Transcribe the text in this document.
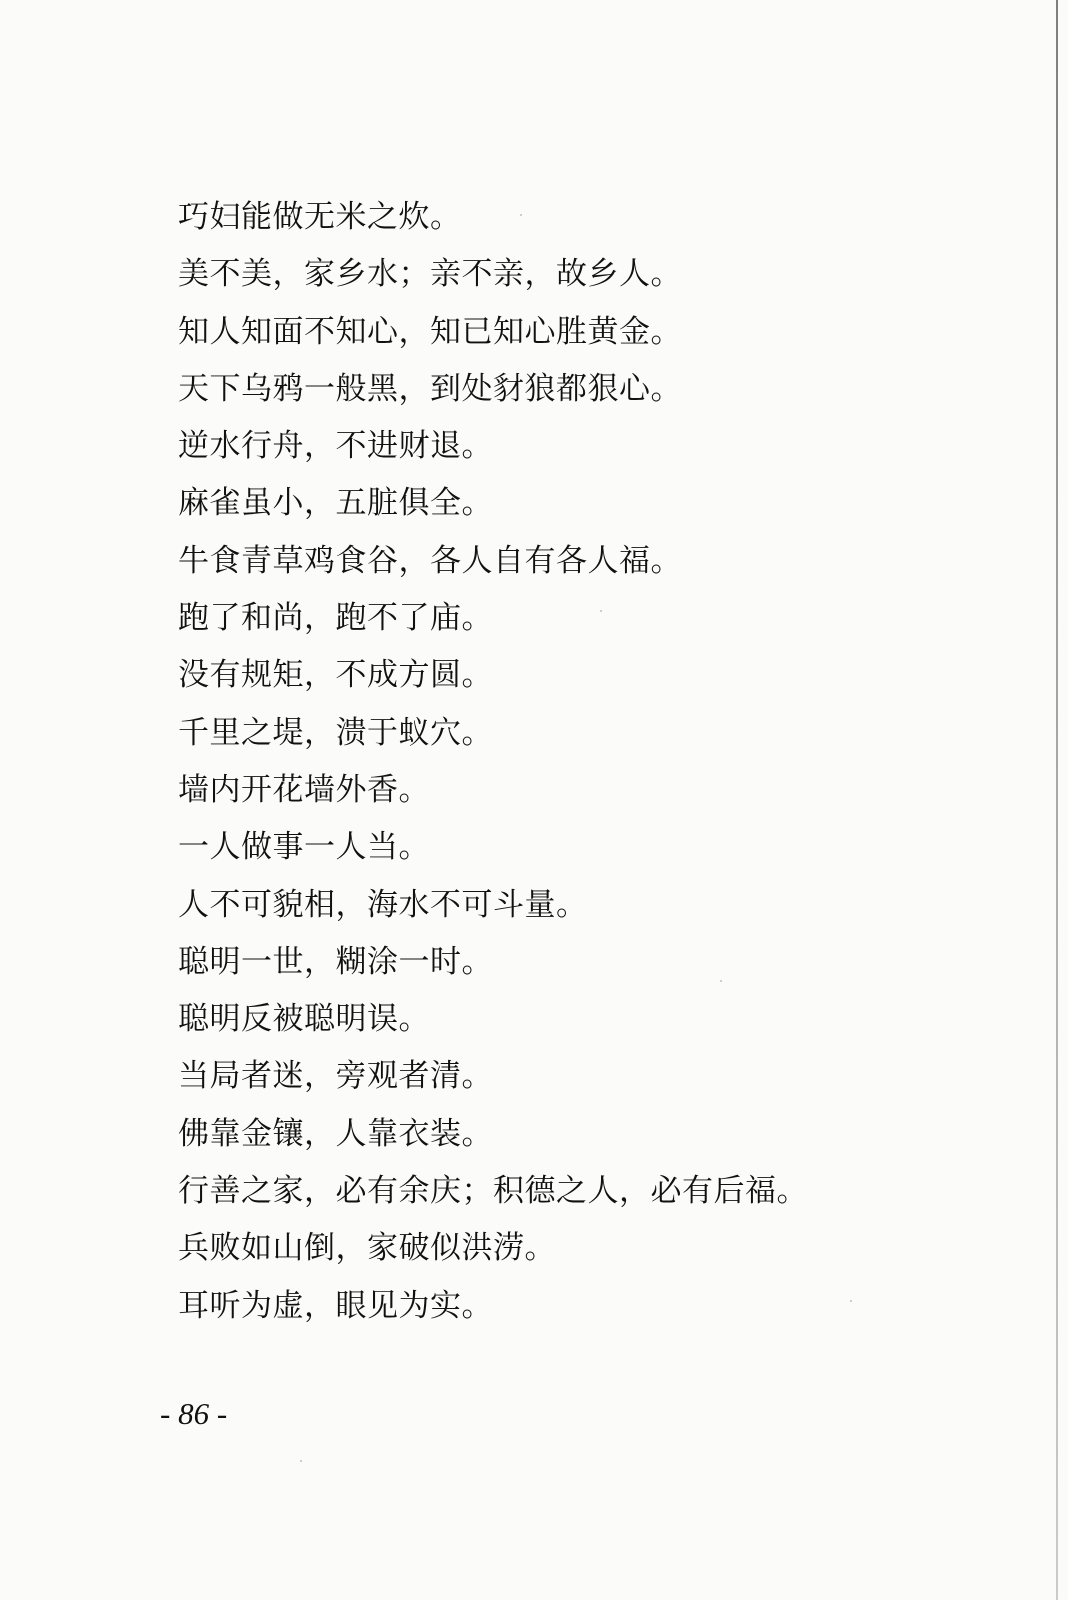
巧妇能做无米之炊。
美不美，家乡水；亲不亲，故乡人。
知人知面不知心，知已知心胜黄金。
天下乌鸦一般黑，到处豺狼都狠心。
逆水行舟，不进财退。
麻雀虽小，五脏俱全。
牛食青草鸡食谷，各人自有各人福。
跑了和尚，跑不了庙。
没有规矩，不成方圆。
千里之堤，溃于蚁穴。
墙内开花墙外香。
一人做事一人当。
人不可貌相，海水不可斗量。
聪明一世，糊涂一时。
聪明反被聪明误。
当局者迷，旁观者清。
佛靠金镶，人靠衣装。
行善之家，必有余庆；积德之人，必有后福。
兵败如山倒，家破似洪涝。
耳听为虚，眼见为实。
- 86 -
